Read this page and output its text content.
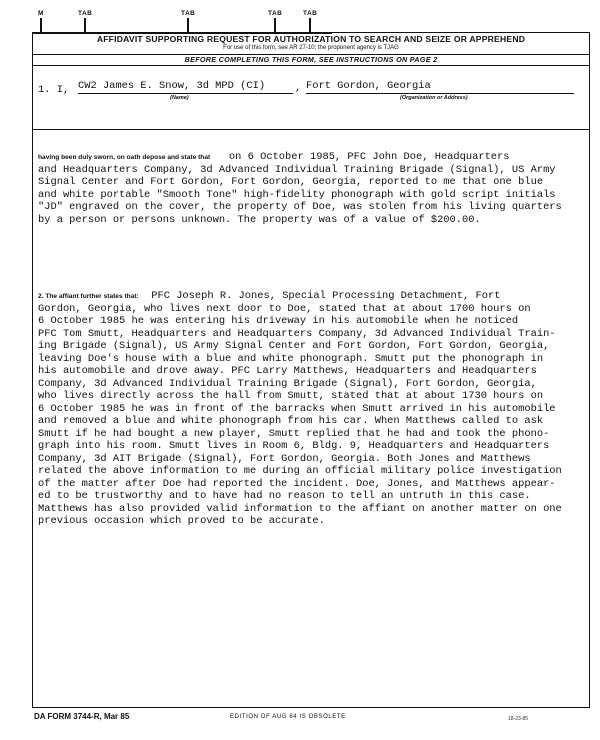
M	TAB	TAB	TAB	TAB
AFFIDAVIT SUPPORTING REQUEST FOR AUTHORIZATION TO SEARCH AND SEIZE OR APPREHEND
For use of this form, see AR 27-10; the proponent agency is TJAG
BEFORE COMPLETING THIS FORM, SEE INSTRUCTIONS ON PAGE 2
1. I, CW2 James E. Snow, 3d MPD (CI)	, Fort Gordon, Georgia
(Name)	(Organization or Address)
having been duly sworn, on oath depose and state that on 6 October 1985, PFC John Doe, Headquarters
and Headquarters Company, 3d Advanced Individual Training Brigade (Signal), US Army
Signal Center and Fort Gordon, Fort Gordon, Georgia, reported to me that one blue
and white portable "Smooth Tone" high-fidelity phonograph with gold script initials
"JD" engraved on the cover, the property of Doe, was stolen from his living quarters
by a person or persons unknown. The property was of a value of $200.00.
2. The affiant further states that: PFC Joseph R. Jones, Special Processing Detachment, Fort
Gordon, Georgia, who lives next door to Doe, stated that at about 1700 hours on
6 October 1985 he was entering his driveway in his automobile when he noticed
PFC Tom Smutt, Headquarters and Headquarters Company, 3d Advanced Individual Train-
ing Brigade (Signal), US Army Signal Center and Fort Gordon, Fort Gordon, Georgia,
leaving Doe's house with a blue and white phonograph. Smutt put the phonograph in
his automobile and drove away. PFC Larry Matthews, Headquarters and Headquarters
Company, 3d Advanced Individual Training Brigade (Signal), Fort Gordon, Georgia,
who lives directly across the hall from Smutt, stated that at about 1730 hours on
6 October 1985 he was in front of the barracks when Smutt arrived in his automobile
and removed a blue and white phonograph from his car. When Matthews called to ask
Smutt if he had bought a new player, Smutt replied that he had and took the phono-
graph into his room. Smutt lives in Room 6, Bldg. 9, Headquarters and Headquarters
Company, 3d AIT Brigade (Signal), Fort Gordon, Georgia. Both Jones and Matthews
related the above information to me during an official military police investigation
of the matter after Doe had reported the incident. Doe, Jones, and Matthews appear-
ed to be trustworthy and to have had no reason to tell an untruth in this case.
Matthews has also provided valid information to the affiant on another matter on one
previous occasion which proved to be accurate.
DA FORM 3744-R, Mar 85	EDITION OF AUG 84 IS OBSOLETE	18-23-85
